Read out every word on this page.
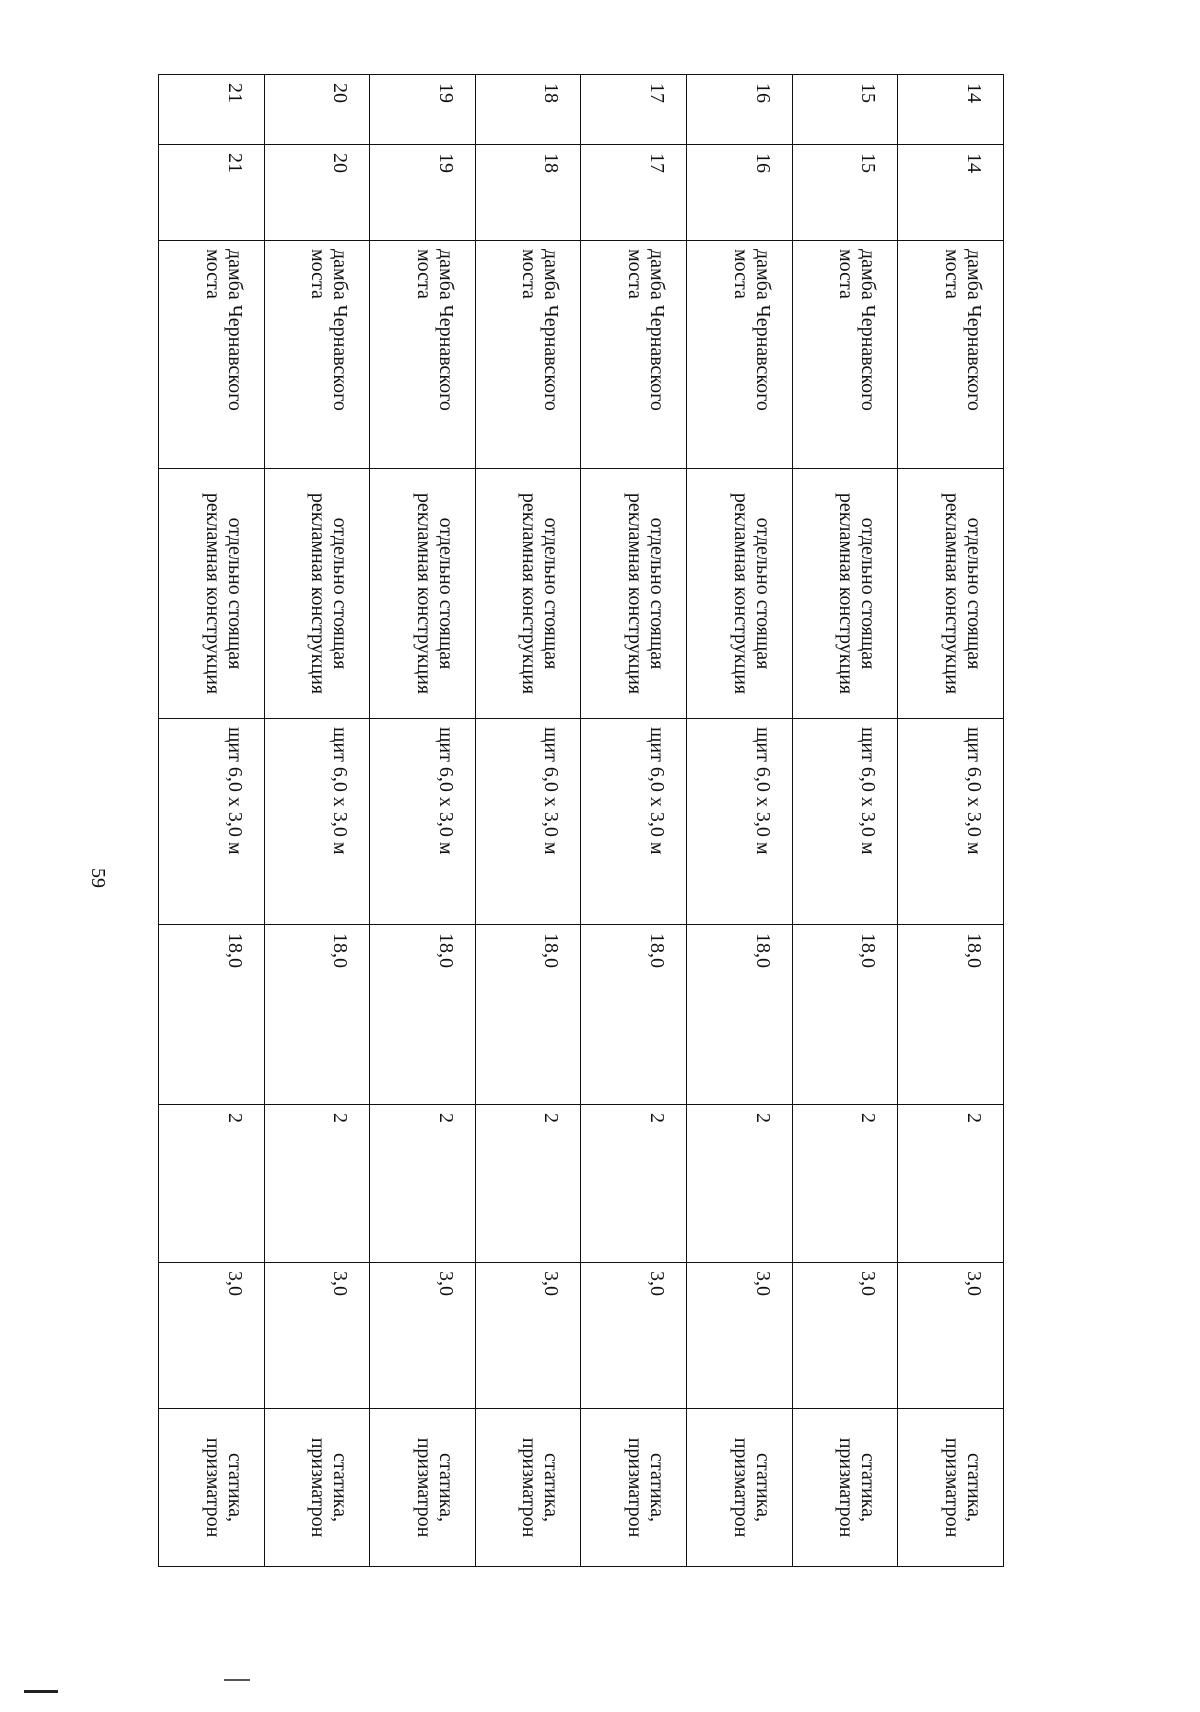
59
14	14	дамба Чернавского моста	отдельно стоящая рекламная конструкция	щит 6,0 х 3,0 м	18,0	2	3,0	статика, призматрон
15	15	дамба Чернавского моста	отдельно стоящая рекламная конструкция	щит 6,0 х 3,0 м	18,0	2	3,0	статика, призматрон
16	16	дамба Чернавского моста	отдельно стоящая рекламная конструкция	щит 6,0 х 3,0 м	18,0	2	3,0	статика, призматрон
17	17	дамба Чернавского моста	отдельно стоящая рекламная конструкция	щит 6,0 х 3,0 м	18,0	2	3,0	статика, призматрон
18	18	дамба Чернавского моста	отдельно стоящая рекламная конструкция	щит 6,0 х 3,0 м	18,0	2	3,0	статика, призматрон
19	19	дамба Чернавского моста	отдельно стоящая рекламная конструкция	щит 6,0 х 3,0 м	18,0	2	3,0	статика, призматрон
20	20	дамба Чернавского моста	отдельно стоящая рекламная конструкция	щит 6,0 х 3,0 м	18,0	2	3,0	статика, призматрон
21	21	дамба Чернавского моста	отдельно стоящая рекламная конструкция	щит 6,0 х 3,0 м	18,0	2	3,0	статика, призматрон
